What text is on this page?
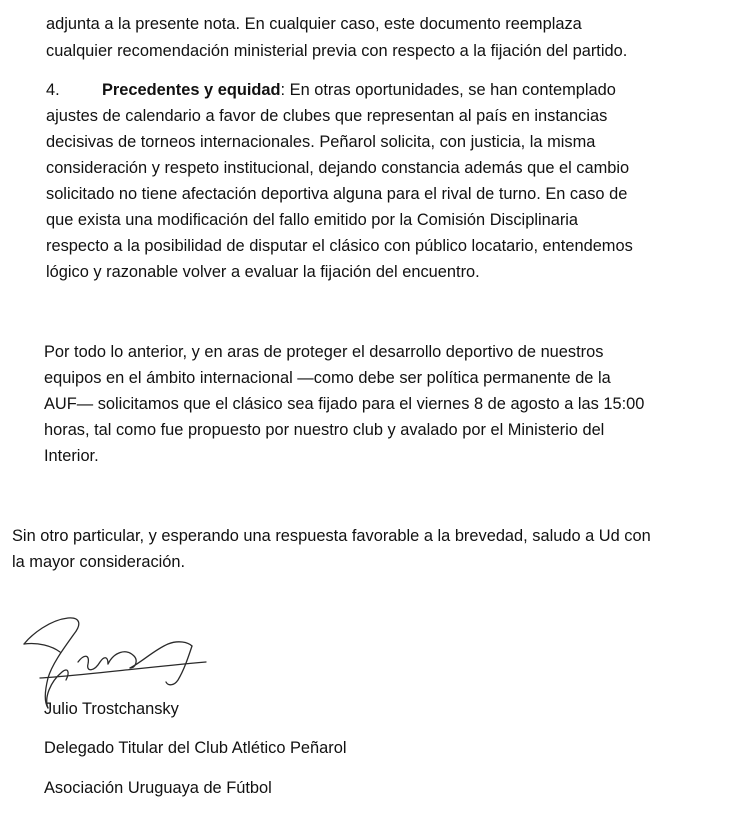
adjunta a la presente nota. En cualquier caso, este documento reemplaza
cualquier recomendación ministerial previa con respecto a la fijación del partido.
4.	Precedentes y equidad: En otras oportunidades, se han contemplado
ajustes de calendario a favor de clubes que representan al país en instancias
decisivas de torneos internacionales. Peñarol solicita, con justicia, la misma
consideración y respeto institucional, dejando constancia además que el cambio
solicitado no tiene afectación deportiva alguna para el rival de turno. En caso de
que exista una modificación del fallo emitido por la Comisión Disciplinaria
respecto a la posibilidad de disputar el clásico con público locatario, entendemos
lógico y razonable volver a evaluar la fijación del encuentro.
Por todo lo anterior, y en aras de proteger el desarrollo deportivo de nuestros
equipos en el ámbito internacional —como debe ser política permanente de la
AUF— solicitamos que el clásico sea fijado para el viernes 8 de agosto a las 15:00
horas, tal como fue propuesto por nuestro club y avalado por el Ministerio del
Interior.
Sin otro particular, y esperando una respuesta favorable a la brevedad, saludo a Ud con
la mayor consideración.
Julio Trostchansky
Delegado Titular del Club Atlético Peñarol
Asociación Uruguaya de Fútbol
